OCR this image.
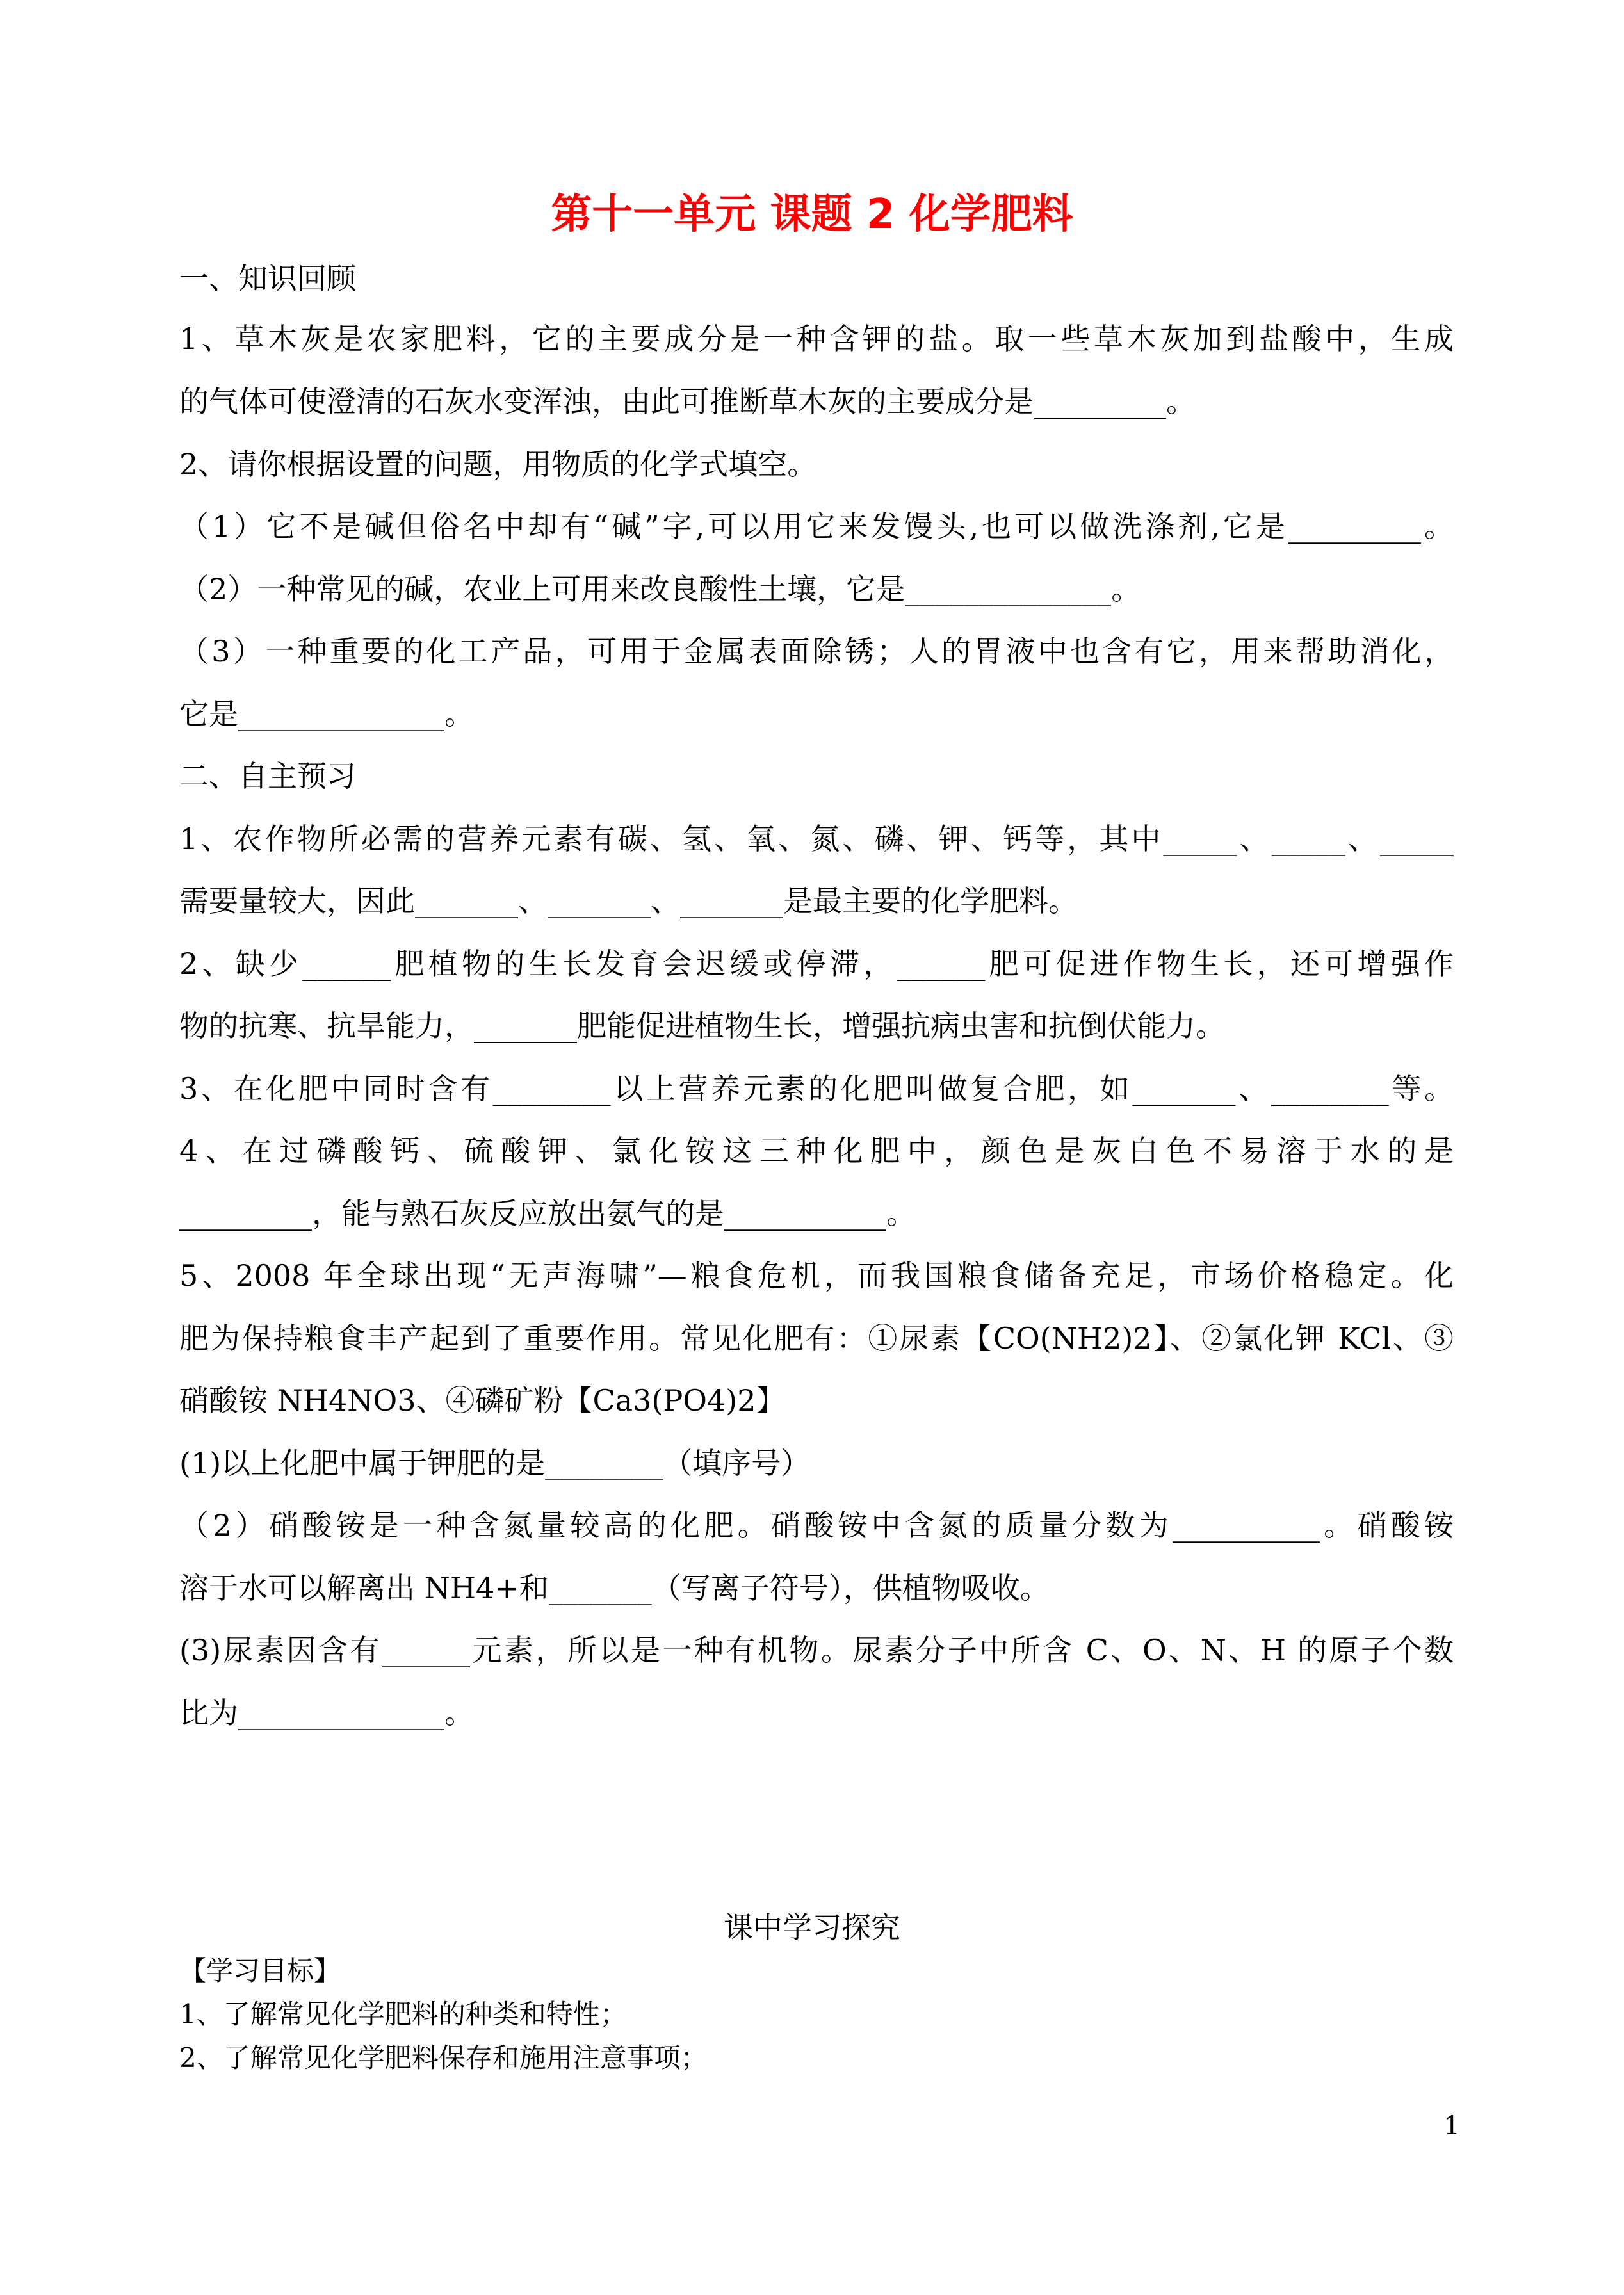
第十一单元 课题 2 化学肥料
一、知识回顾
1、草木灰是农家肥料，它的主要成分是一种含钾的盐。取一些草木灰加到盐酸中，生成
的气体可使澄清的石灰水变浑浊，由此可推断草木灰的主要成分是_________。
2、请你根据设置的问题，用物质的化学式填空。
（1）它不是碱但俗名中却有“碱”字,可以用它来发馒头,也可以做洗涤剂,它是_________。
（2）一种常见的碱，农业上可用来改良酸性土壤，它是______________。
（3）一种重要的化工产品，可用于金属表面除锈；人的胃液中也含有它，用来帮助消化，
它是______________。
二、自主预习
1、农作物所必需的营养元素有碳、氢、氧、氮、磷、钾、钙等，其中_____、_____、_____
需要量较大，因此_______、_______、_______是最主要的化学肥料。
2、缺少______肥植物的生长发育会迟缓或停滞，______肥可促进作物生长，还可增强作
物的抗寒、抗旱能力，_______肥能促进植物生长，增强抗病虫害和抗倒伏能力。
3、在化肥中同时含有________以上营养元素的化肥叫做复合肥，如_______、________等。
4、在过磷酸钙、硫酸钾、氯化铵这三种化肥中，颜色是灰白色不易溶于水的是
_________，能与熟石灰反应放出氨气的是___________。
5、2008 年全球出现“无声海啸”—粮食危机，而我国粮食储备充足，市场价格稳定。化
肥为保持粮食丰产起到了重要作用。常见化肥有：①尿素【CO(NH2)2】、②氯化钾 KCl、③
硝酸铵 NH4NO3、④磷矿粉【Ca3(PO4)2】
(1)以上化肥中属于钾肥的是________（填序号）
（2）硝酸铵是一种含氮量较高的化肥。硝酸铵中含氮的质量分数为__________。硝酸铵
溶于水可以解离出 NH4+和_______（写离子符号），供植物吸收。
(3)尿素因含有______元素，所以是一种有机物。尿素分子中所含 C、O、N、H 的原子个数
比为______________。
课中学习探究
【学习目标】
1、了解常见化学肥料的种类和特性；
2、了解常见化学肥料保存和施用注意事项；
1
